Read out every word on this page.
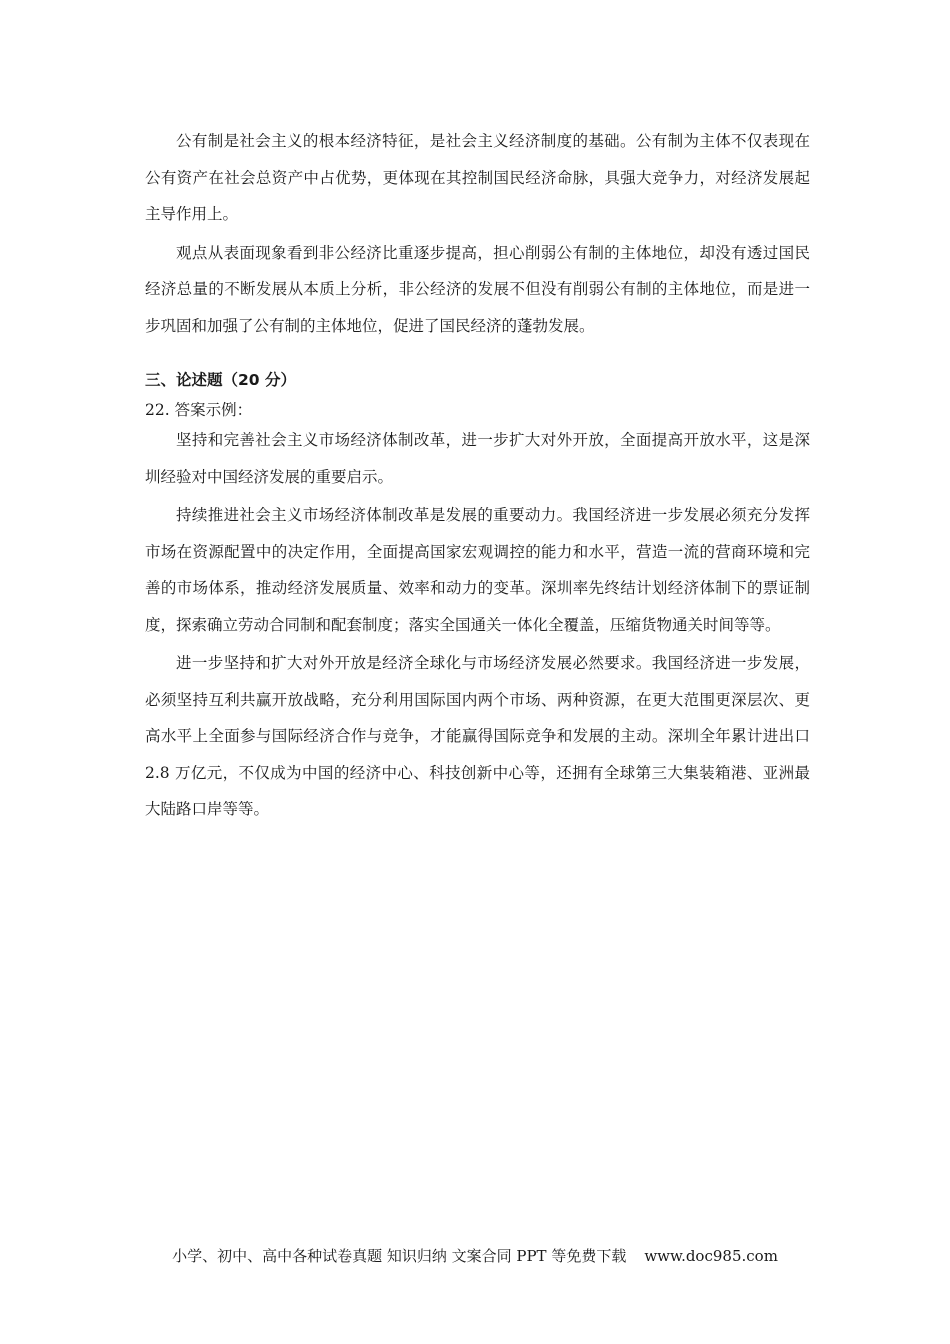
公有制是社会主义的根本经济特征，是社会主义经济制度的基础。公有制为主体不仅表现在公有资产在社会总资产中占优势，更体现在其控制国民经济命脉，具强大竞争力，对经济发展起主导作用上。

观点从表面现象看到非公经济比重逐步提高，担心削弱公有制的主体地位，却没有透过国民经济总量的不断发展从本质上分析，非公经济的发展不但没有削弱公有制的主体地位，而是进一步巩固和加强了公有制的主体地位，促进了国民经济的蓬勃发展。

三、论述题（20 分）

22. 答案示例：

坚持和完善社会主义市场经济体制改革，进一步扩大对外开放，全面提高开放水平，这是深圳经验对中国经济发展的重要启示。

持续推进社会主义市场经济体制改革是发展的重要动力。我国经济进一步发展必须充分发挥市场在资源配置中的决定作用，全面提高国家宏观调控的能力和水平，营造一流的营商环境和完善的市场体系，推动经济发展质量、效率和动力的变革。深圳率先终结计划经济体制下的票证制度，探索确立劳动合同制和配套制度；落实全国通关一体化全覆盖，压缩货物通关时间等等。

进一步坚持和扩大对外开放是经济全球化与市场经济发展必然要求。我国经济进一步发展，必须坚持互利共赢开放战略，充分利用国际国内两个市场、两种资源，在更大范围更深层次、更高水平上全面参与国际经济合作与竞争，才能赢得国际竞争和发展的主动。深圳全年累计进出口 2.8 万亿元，不仅成为中国的经济中心、科技创新中心等，还拥有全球第三大集装箱港、亚洲最大陆路口岸等等。

小学、初中、高中各种试卷真题 知识归纳 文案合同 PPT 等免费下载 www.doc985.com
